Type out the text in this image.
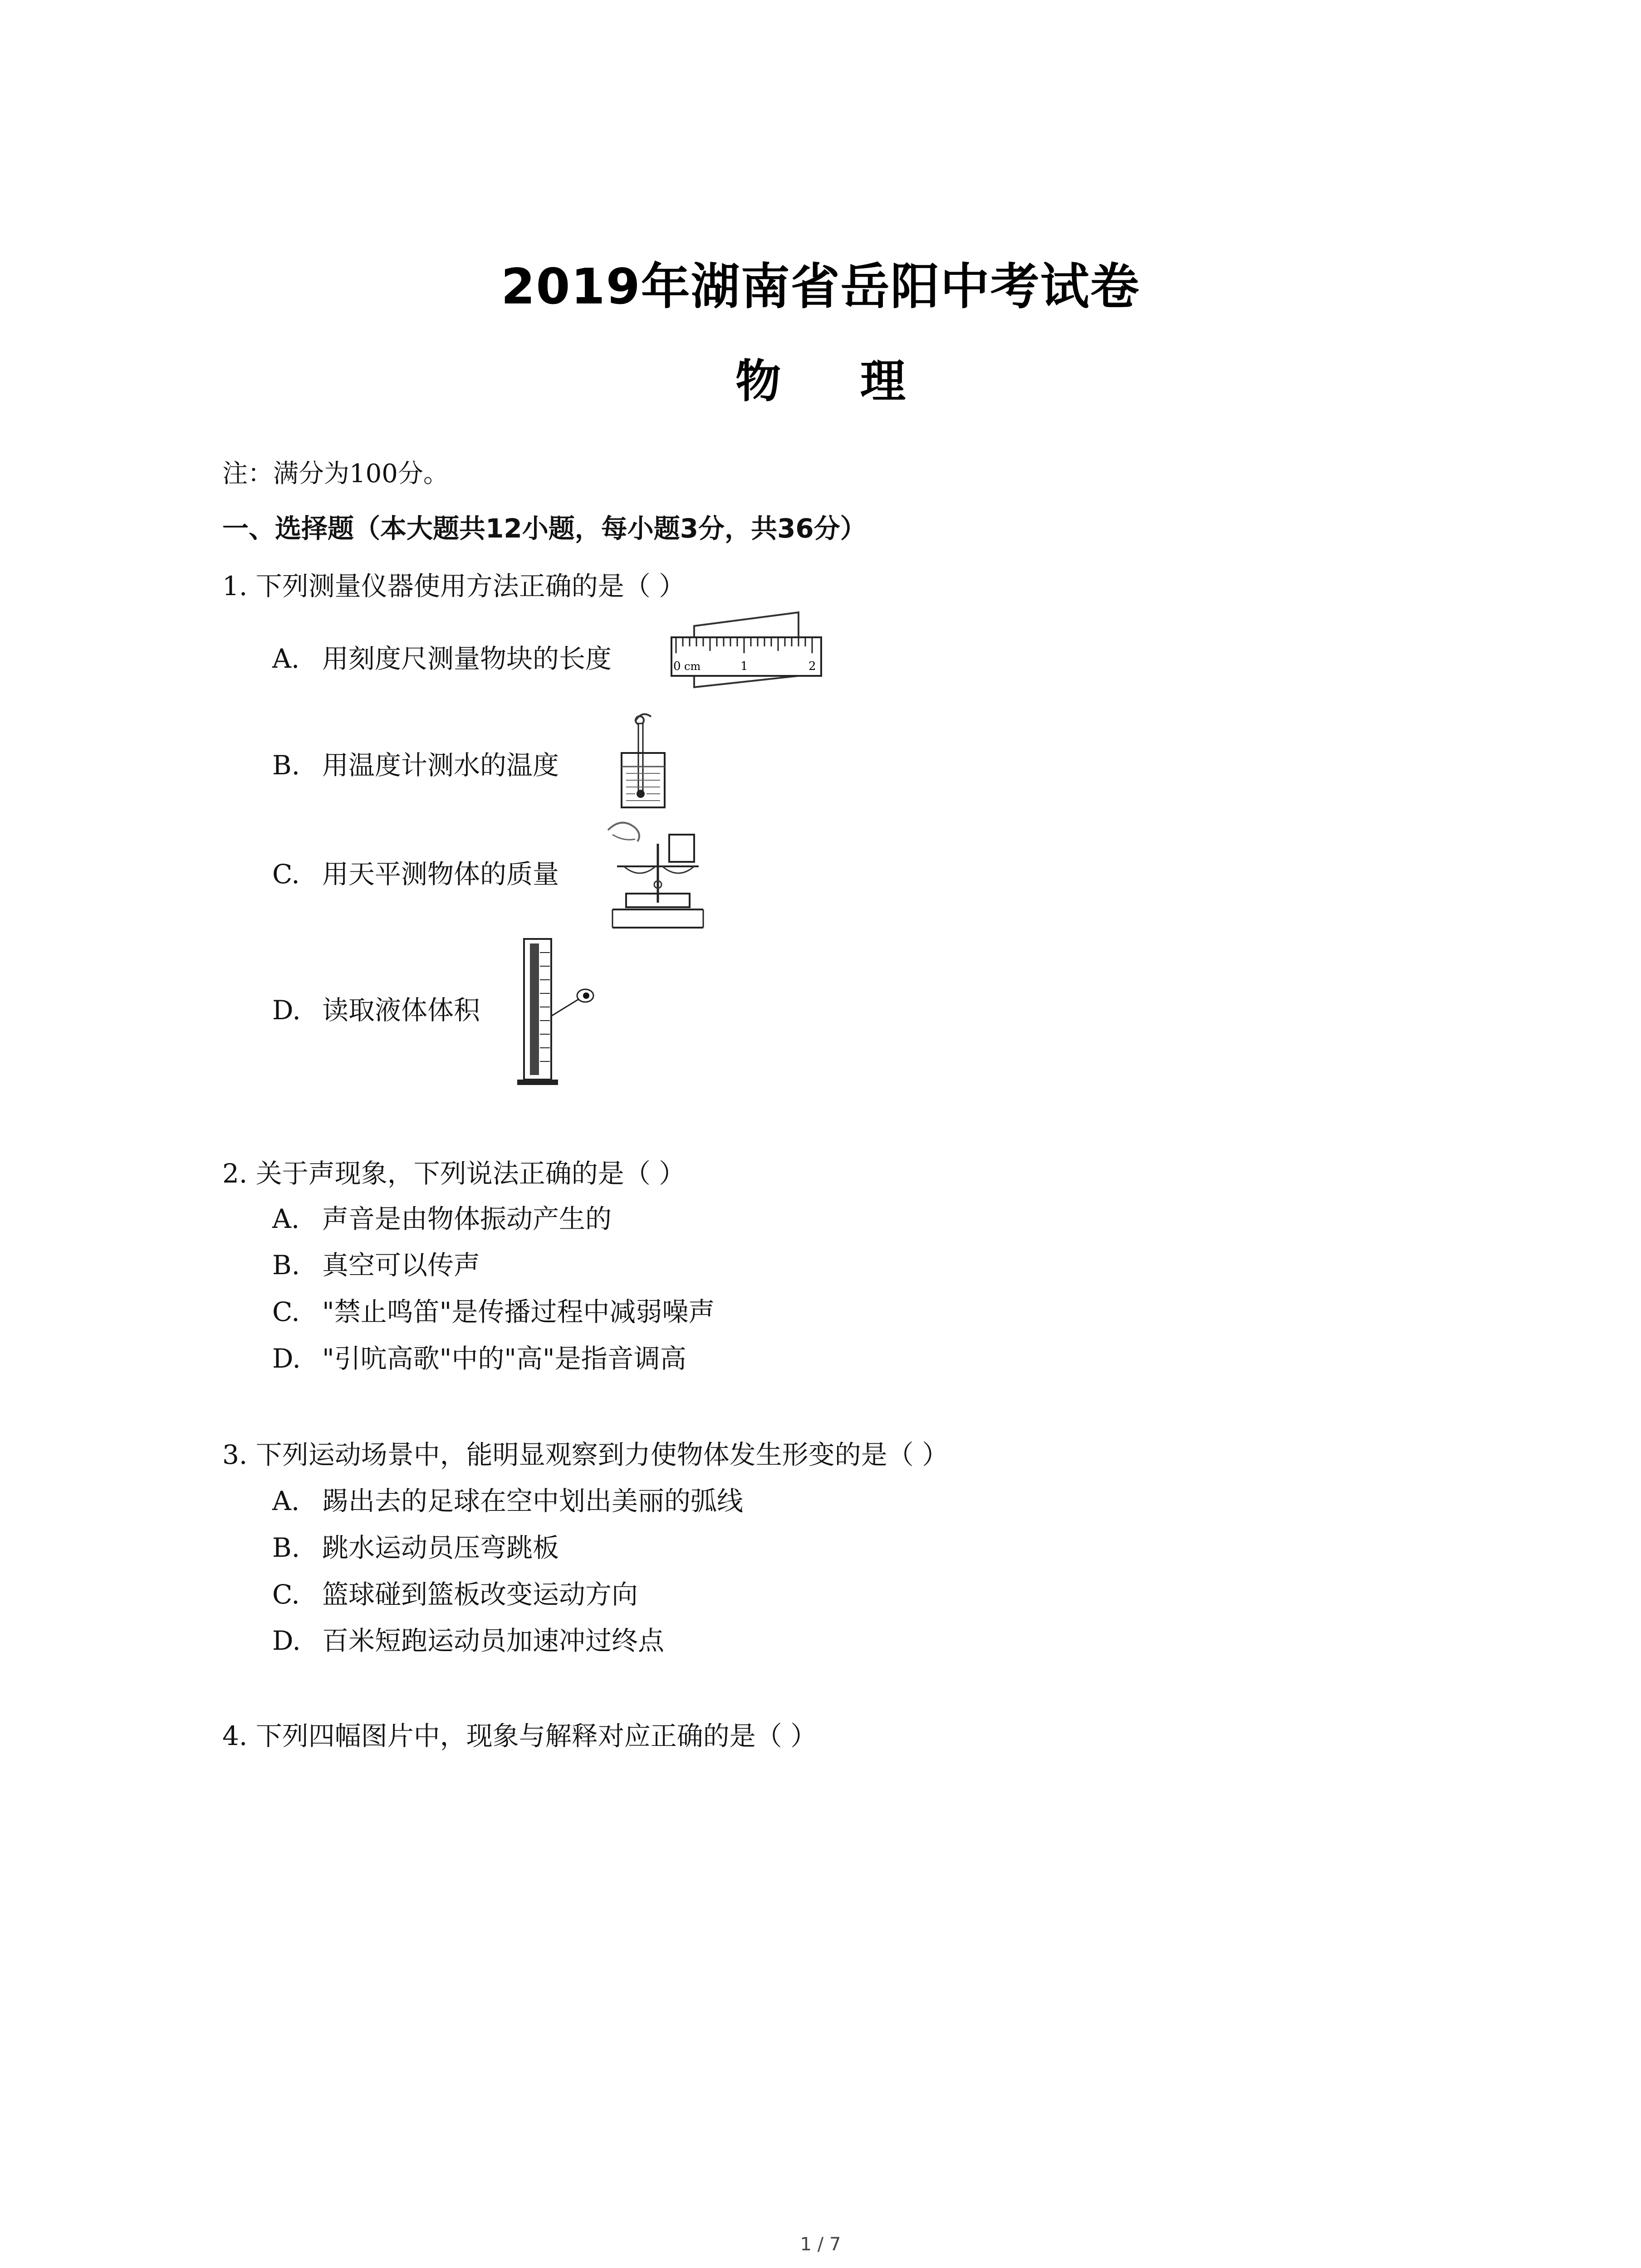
2019年湖南省岳阳中考试卷
物 理
注：满分为100分。
一、选择题（本大题共12小题，每小题3分，共36分）
1. 下列测量仪器使用方法正确的是（ ）
A. 用刻度尺测量物块的长度
B. 用温度计测水的温度
C. 用天平测物体的质量
D. 读取液体体积
0 cm	1	2
2. 关于声现象，下列说法正确的是（ ）
A. 声音是由物体振动产生的
B. 真空可以传声
C. "禁止鸣笛"是传播过程中减弱噪声
D. "引吭高歌"中的"高"是指音调高
3. 下列运动场景中，能明显观察到力使物体发生形变的是（ ）
A. 踢出去的足球在空中划出美丽的弧线
B. 跳水运动员压弯跳板
C. 篮球碰到篮板改变运动方向
D. 百米短跑运动员加速冲过终点
4. 下列四幅图片中，现象与解释对应正确的是（ ）
1 / 7
